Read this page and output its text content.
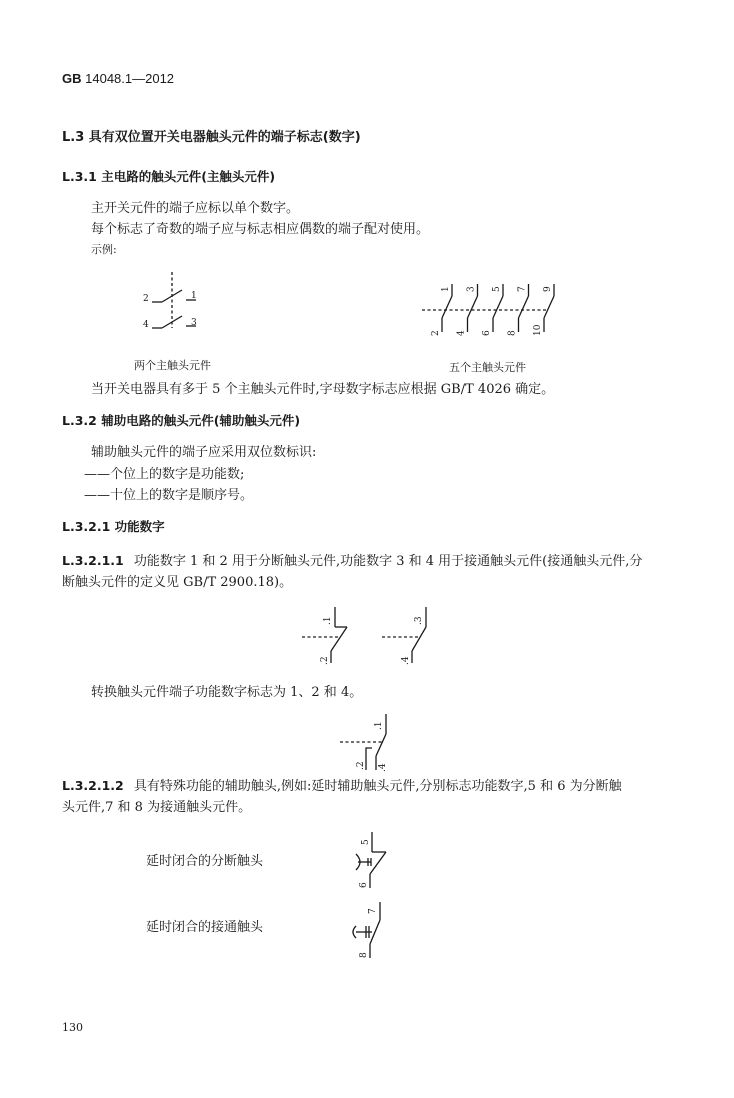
GB 14048.1—2012
L.3 具有双位置开关电器触头元件的端子标志(数字)
L.3.1 主电路的触头元件(主触头元件)
主开关元件的端子应标以单个数字。
每个标志了奇数的端子应与标志相应偶数的端子配对使用。
示例:
2	1
4	3
两个主触头元件
1
2
3
4
5
6
7
8
9
10
五个主触头元件
当开关电器具有多于 5 个主触头元件时,字母数字标志应根据 GB/T 4026 确定。
L.3.2 辅助电路的触头元件(辅助触头元件)
辅助触头元件的端子应采用双位数标识:
——个位上的数字是功能数;
——十位上的数字是顺序号。
L.3.2.1 功能数字
L.3.2.1.1 功能数字 1 和 2 用于分断触头元件,功能数字 3 和 4 用于接通触头元件(接通触头元件,分
断触头元件的定义见 GB/T 2900.18)。
.1
.2
.3
.4
转换触头元件端子功能数字标志为 1、2 和 4。
.1
.2 .4
L.3.2.1.2 具有特殊功能的辅助触头,例如:延时辅助触头元件,分别标志功能数字,5 和 6 为分断触
头元件,7 和 8 为接通触头元件。
延时闭合的分断触头
5
6
延时闭合的接通触头
7
8
130
